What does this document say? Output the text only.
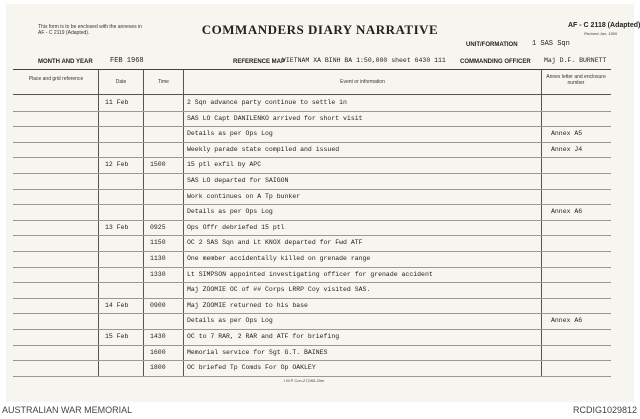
This form is to be enclosed with the annexes in AF - C 2119 (Adapted).	COMMANDERS DIARY NARRATIVE	AF - C 2118 (Adapted)
Revised Jan, 1965
UNIT/FORMATION 1 SAS Sqn
MONTH AND YEAR FEB 1968	REFERENCE MAP
VIETNAM XA BINH BA 1:50,000 sheet 6430 111 COMMANDING OFFICER Maj D.F. BURNETT
Place and grid reference	Date	Time	Event or information
Annex letter and enclosure number
11 Feb	2 Sqn advance party continue to settle in
SAS LO Capt DANILENKO arrived for short visit
Details as per Ops Log	Annex A5
Weekly parade state compiled and issued	Annex J4
12 Feb	1500	15 ptl exfil by APC
SAS LO departed for SAIGON
Work continues on A Tp bunker
Details as per Ops Log	Annex A6
13 Feb	0925	Ops Offr debriefed 15 ptl
1150	OC 2 SAS Sqn and Lt KNOX departed for Fwd ATF
1130	One member accidentally killed on grenade range
1330	Lt SIMPSON appointed investigating officer for grenade accident
Maj ZOOMIE OC of ## Corps LRRP Coy visited SAS.
14 Feb	0900	Maj ZOOMIE returned to his base
Details as per Ops Log	Annex A6
15 Feb	1430	OC to 7 RAR, 2 RAR and ATF for briefing
1600	Memorial service for Sgt G.T. BAINES
1800	OC briefed Tp Comds For Op OAKLEY
I M P Con-272/65-20m
AUSTRALIAN WAR MEMORIAL	RCDIG1029812
